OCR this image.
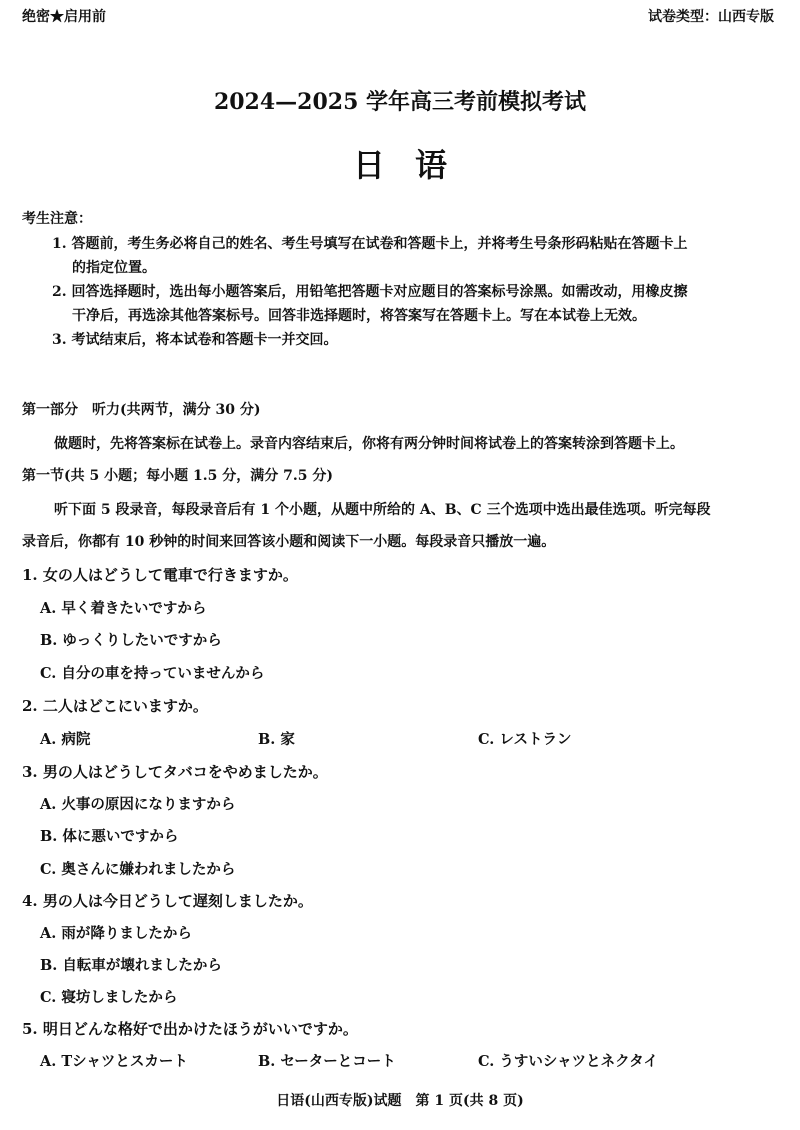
绝密★启用前	试卷类型：山西专版
2024—2025 学年高三考前模拟考试
日语
考生注意：
1. 答题前，考生务必将自己的姓名、考生号填写在试卷和答题卡上，并将考生号条形码粘贴在答题卡上
的指定位置。
2. 回答选择题时，选出每小题答案后，用铅笔把答题卡对应题目的答案标号涂黑。如需改动，用橡皮擦
干净后，再选涂其他答案标号。回答非选择题时，将答案写在答题卡上。写在本试卷上无效。
3. 考试结束后，将本试卷和答题卡一并交回。
第一部分　听力(共两节，满分 30 分)
做题时，先将答案标在试卷上。录音内容结束后，你将有两分钟时间将试卷上的答案转涂到答题卡上。
第一节(共 5 小题；每小题 1.5 分，满分 7.5 分)
听下面 5 段录音，每段录音后有 1 个小题，从题中所给的 A、B、C 三个选项中选出最佳选项。听完每段
录音后，你都有 10 秒钟的时间来回答该小题和阅读下一小题。每段录音只播放一遍。
1. 女の人はどうして電車で行きますか。
A. 早く着きたいですから
B. ゆっくりしたいですから
C. 自分の車を持っていませんから
2. 二人はどこにいますか。
A. 病院	B. 家	C. レストラン
3. 男の人はどうしてタバコをやめましたか。
A. 火事の原因になりますから
B. 体に悪いですから
C. 奥さんに嫌われましたから
4. 男の人は今日どうして遅刻しましたか。
A. 雨が降りましたから
B. 自転車が壊れましたから
C. 寝坊しましたから
5. 明日どんな格好で出かけたほうがいいですか。
A. Tシャツとスカート	B. セーターとコート	C. うすいシャツとネクタイ
日语(山西专版)试题　第 1 页(共 8 页)
